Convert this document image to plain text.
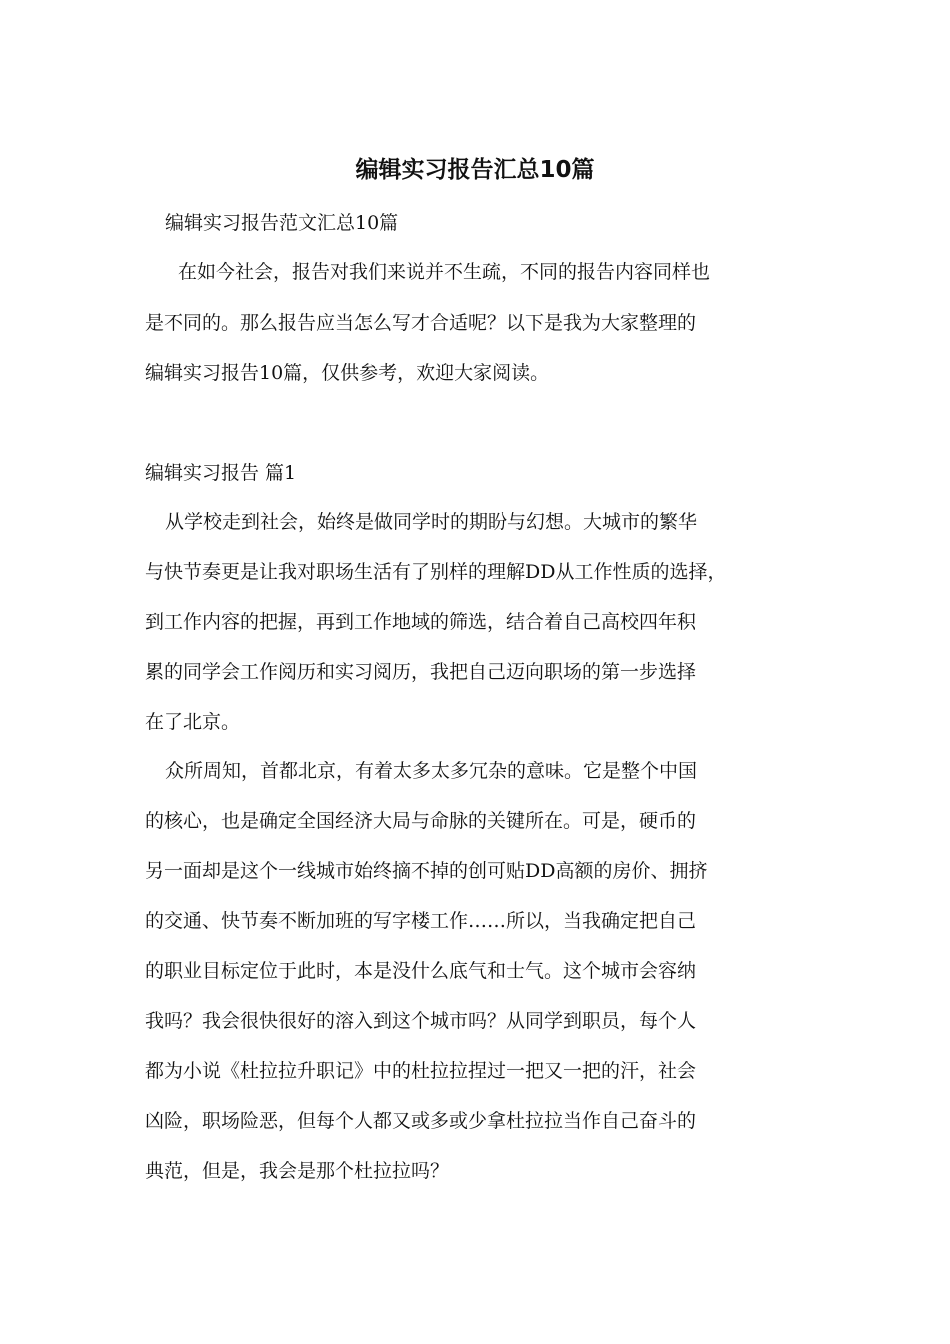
编辑实习报告汇总10篇
编辑实习报告范文汇总10篇
在如今社会，报告对我们来说并不生疏，不同的报告内容同样也
是不同的。那么报告应当怎么写才合适呢？以下是我为大家整理的
编辑实习报告10篇，仅供参考，欢迎大家阅读。
编辑实习报告 篇1
从学校走到社会，始终是做同学时的期盼与幻想。大城市的繁华
与快节奏更是让我对职场生活有了别样的理解DD从工作性质的选择，
到工作内容的把握，再到工作地域的筛选，结合着自己高校四年积
累的同学会工作阅历和实习阅历，我把自己迈向职场的第一步选择
在了北京。
众所周知，首都北京，有着太多太多冗杂的意味。它是整个中国
的核心，也是确定全国经济大局与命脉的关键所在。可是，硬币的
另一面却是这个一线城市始终摘不掉的创可贴DD高额的房价、拥挤
的交通、快节奏不断加班的写字楼工作……所以，当我确定把自己
的职业目标定位于此时，本是没什么底气和士气。这个城市会容纳
我吗？我会很快很好的溶入到这个城市吗？从同学到职员，每个人
都为小说《杜拉拉升职记》中的杜拉拉捏过一把又一把的汗，社会
凶险，职场险恶，但每个人都又或多或少拿杜拉拉当作自己奋斗的
典范，但是，我会是那个杜拉拉吗？
